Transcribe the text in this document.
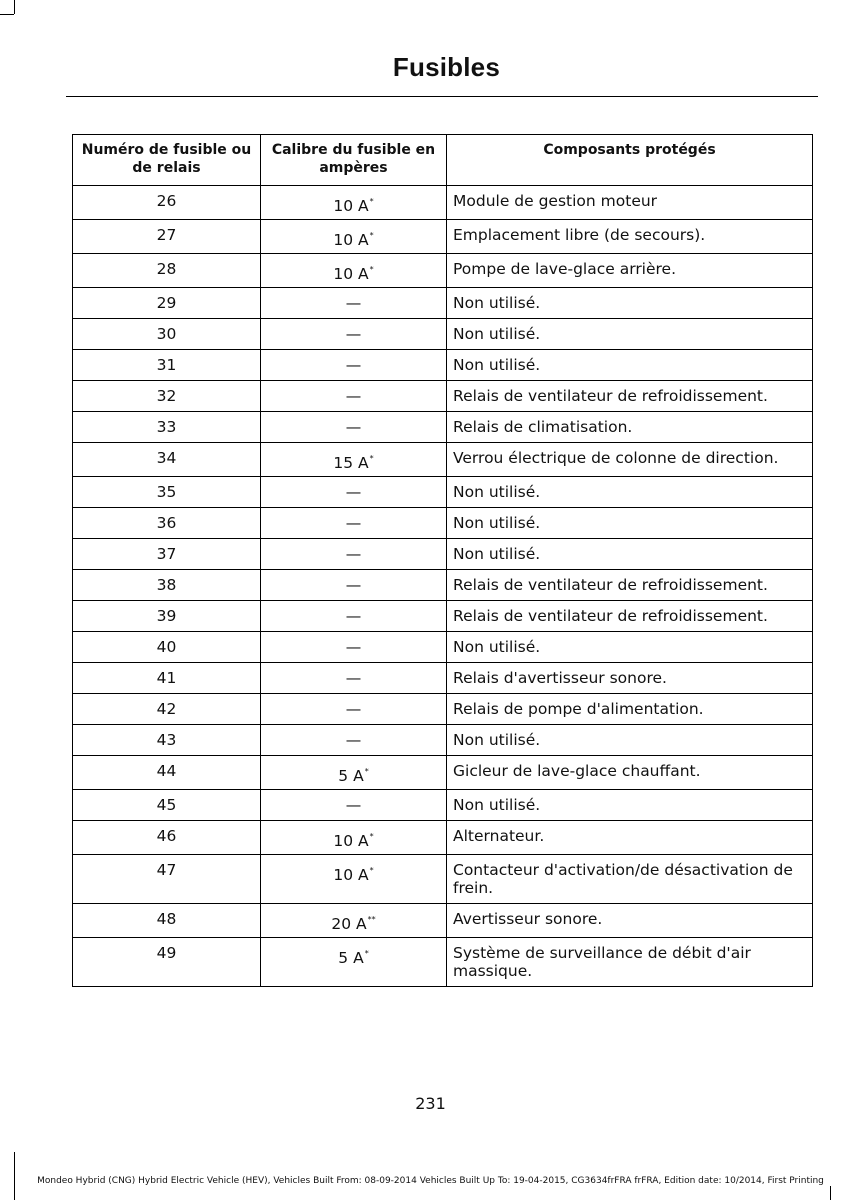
Fusibles
Numéro de fusible ou de relais	Calibre du fusible en ampères	Composants protégés
26	10 A*	Module de gestion moteur
27	10 A*	Emplacement libre (de secours).
28	10 A*	Pompe de lave-glace arrière.
29	—	Non utilisé.
30	—	Non utilisé.
31	—	Non utilisé.
32	—	Relais de ventilateur de refroidissement.
33	—	Relais de climatisation.
34	15 A*	Verrou électrique de colonne de direction.
35	—	Non utilisé.
36	—	Non utilisé.
37	—	Non utilisé.
38	—	Relais de ventilateur de refroidissement.
39	—	Relais de ventilateur de refroidissement.
40	—	Non utilisé.
41	—	Relais d'avertisseur sonore.
42	—	Relais de pompe d'alimentation.
43	—	Non utilisé.
44	5 A*	Gicleur de lave-glace chauffant.
45	—	Non utilisé.
46	10 A*	Alternateur.
47	10 A*	Contacteur d'activation/de désactivation de frein.
48	20 A**	Avertisseur sonore.
49	5 A*	Système de surveillance de débit d'air massique.
231
Mondeo Hybrid (CNG) Hybrid Electric Vehicle (HEV), Vehicles Built From: 08-09-2014 Vehicles Built Up To: 19-04-2015, CG3634frFRA frFRA, Edition date: 10/2014, First Printing
